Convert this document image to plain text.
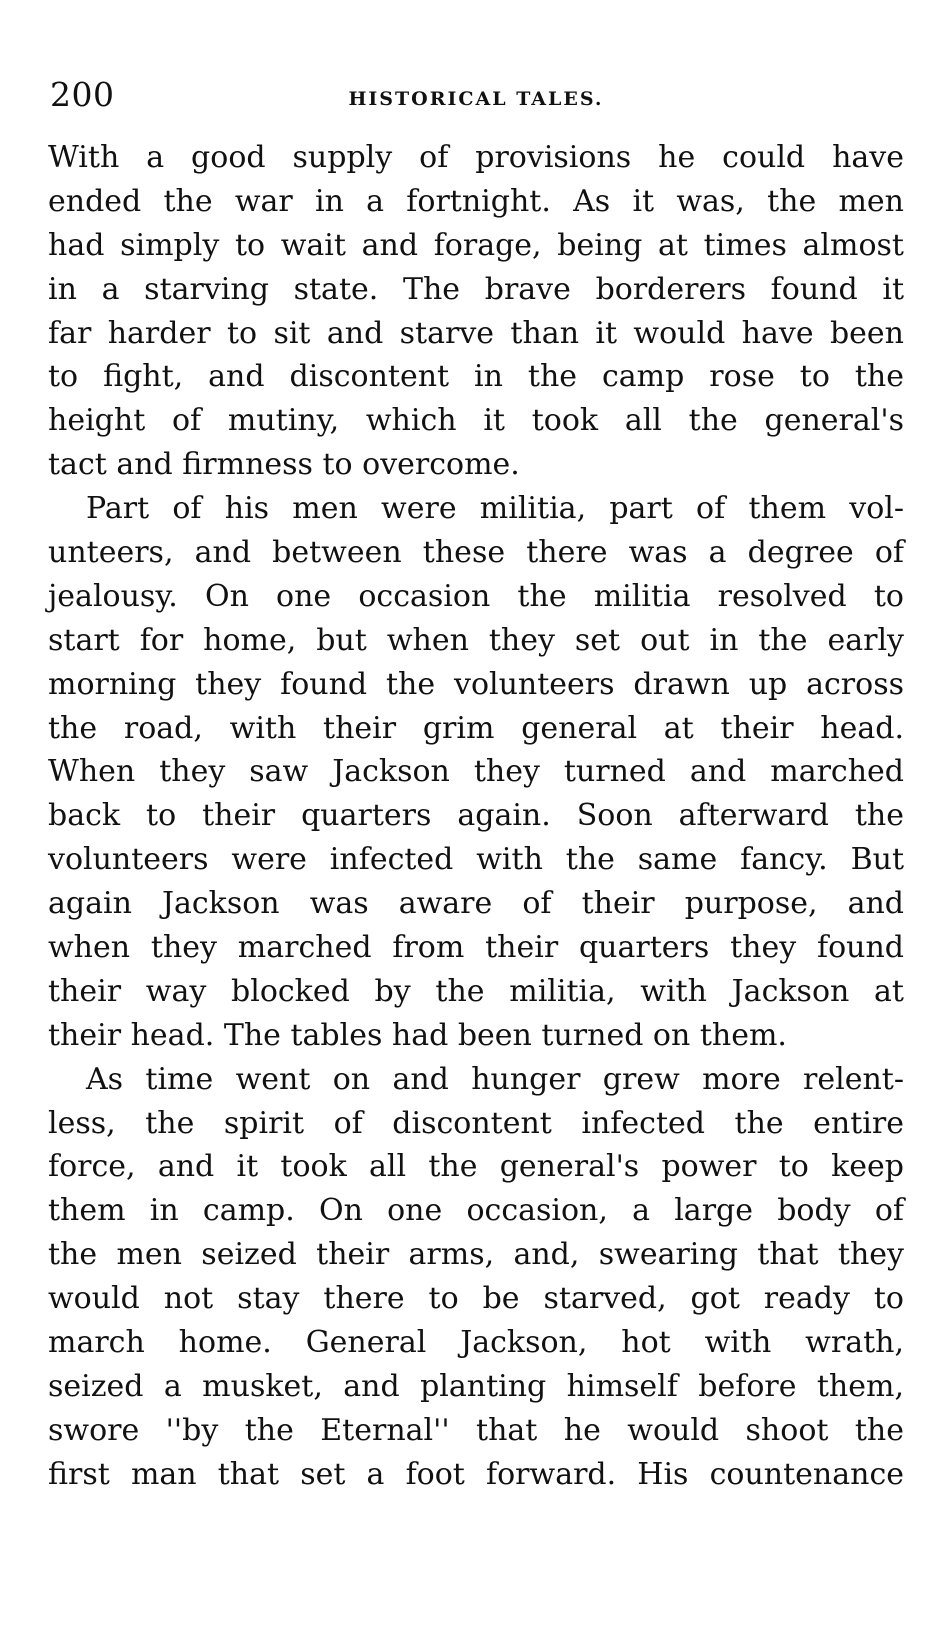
200	HISTORICAL TALES.
With a good supply of provisions he could have
ended the war in a fortnight. As it was, the men
had simply to wait and forage, being at times almost
in a starving state. The brave borderers found it
far harder to sit and starve than it would have been
to fight, and discontent in the camp rose to the
height of mutiny, which it took all the general's
tact and firmness to overcome.
Part of his men were militia, part of them vol-
unteers, and between these there was a degree of
jealousy. On one occasion the militia resolved to
start for home, but when they set out in the early
morning they found the volunteers drawn up across
the road, with their grim general at their head.
When they saw Jackson they turned and marched
back to their quarters again. Soon afterward the
volunteers were infected with the same fancy. But
again Jackson was aware of their purpose, and
when they marched from their quarters they found
their way blocked by the militia, with Jackson at
their head. The tables had been turned on them.
As time went on and hunger grew more relent-
less, the spirit of discontent infected the entire
force, and it took all the general's power to keep
them in camp. On one occasion, a large body of
the men seized their arms, and, swearing that they
would not stay there to be starved, got ready to
march home. General Jackson, hot with wrath,
seized a musket, and planting himself before them,
swore ''by the Eternal'' that he would shoot the
first man that set a foot forward. His countenance
